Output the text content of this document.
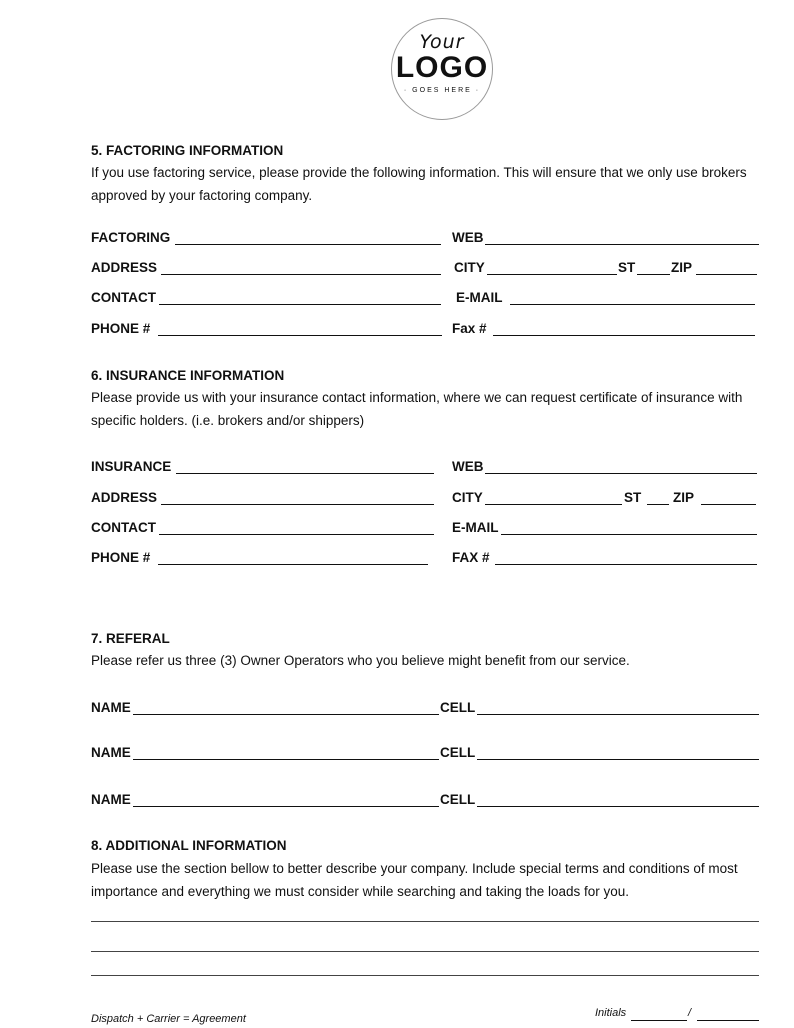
Your
LOGO
· GOES HERE ·
5. FACTORING INFORMATION
If you use factoring service, please provide the following information. This will ensure that we only use brokers approved by your factoring company.
FACTORING	WEB
ADDRESS	CITY	ST	ZIP
CONTACT	E-MAIL
PHONE #	Fax #
6. INSURANCE INFORMATION
Please provide us with your insurance contact information, where we can request certificate of insurance with specific holders. (i.e. brokers and/or shippers)
INSURANCE	WEB
ADDRESS	CITY	ST ZIP
CONTACT	E-MAIL
PHONE #	FAX #
7. REFERAL
Please refer us three (3) Owner Operators who you believe might benefit from our service.
NAME	CELL
NAME	CELL
NAME	CELL
8. ADDITIONAL INFORMATION
Please use the section bellow to better describe your company. Include special terms and conditions of most importance and everything we must consider while searching and taking the loads for you.
Dispatch + Carrier = Agreement	Initials	/
